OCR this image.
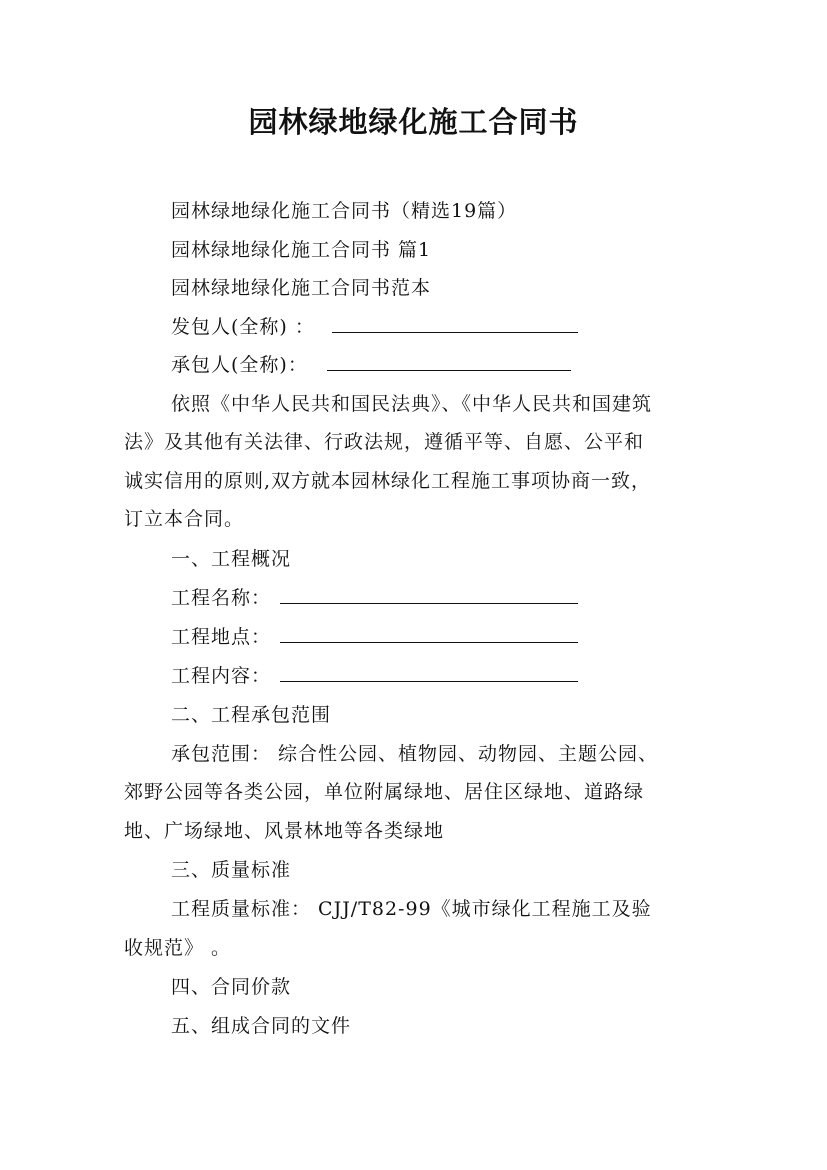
园林绿地绿化施工合同书
园林绿地绿化施工合同书（精选19篇）
园林绿地绿化施工合同书 篇1
园林绿地绿化施工合同书范本
发包人(全称) ：
承包人(全称)：
依照《中华人民共和国民法典》、《中华人民共和国建筑
法》及其他有关法律、行政法规，遵循平等、自愿、公平和
诚实信用的原则,双方就本园林绿化工程施工事项协商一致，
订立本合同。
一、工程概况
工程名称：
工程地点：
工程内容：
二、工程承包范围
承包范围： 综合性公园、植物园、动物园、主题公园、
郊野公园等各类公园，单位附属绿地、居住区绿地、道路绿
地、广场绿地、风景林地等各类绿地
三、质量标准
工程质量标准： CJJ/T82-99《城市绿化工程施工及验
收规范》 。
四、合同价款
五、组成合同的文件
